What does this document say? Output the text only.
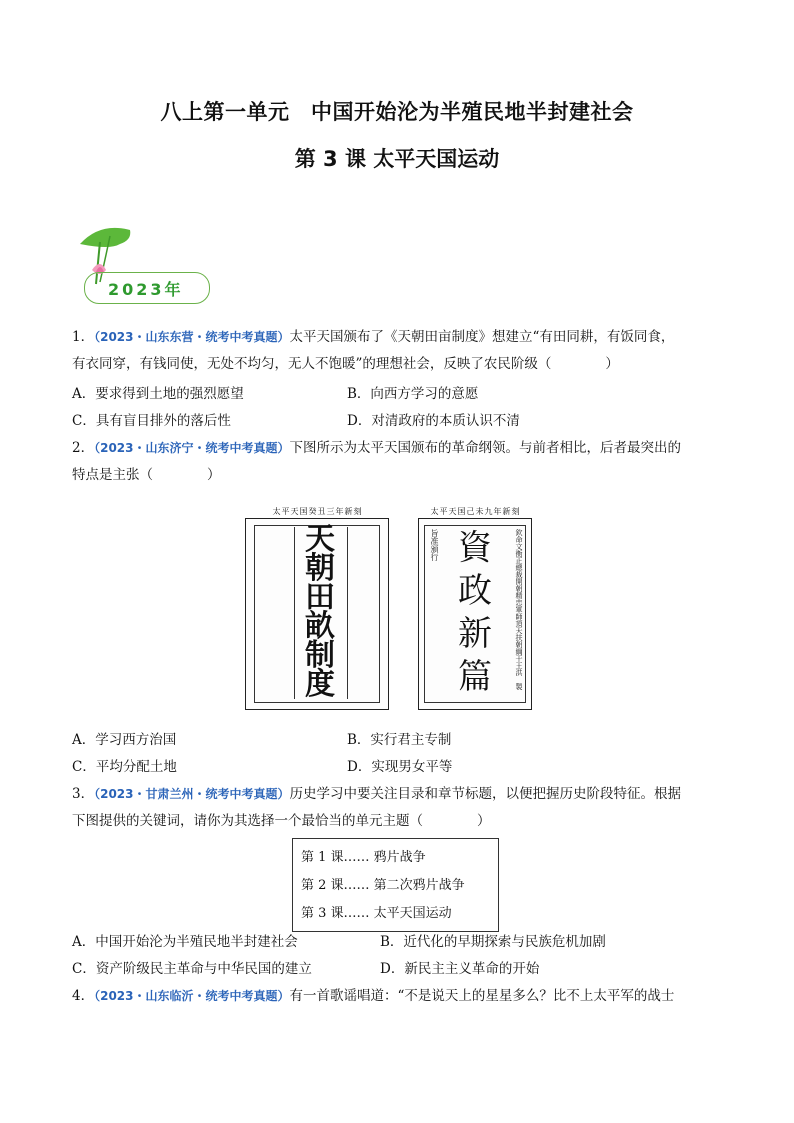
八上第一单元　中国开始沦为半殖民地半封建社会
第 3 课 太平天国运动
2023年
1．（2023・山东东营・统考中考真题）太平天国颁布了《天朝田亩制度》想建立“有田同耕，有饭同食，
有衣同穿，有钱同使，无处不均匀，无人不饱暖”的理想社会，反映了农民阶级（　　　　）
A．要求得到土地的强烈愿望	B．向西方学习的意愿
C．具有盲目排外的落后性	D．对清政府的本质认识不清
2．（2023・山东济宁・统考中考真题）下图所示为太平天国颁布的革命纲领。与前者相比，后者最突出的
特点是主张（　　　　）
太平天国癸丑三年新刻
天
朝
田
畝
制
度
太平天国己未九年新刻
旨准頒行	欽命文衡正總裁開朝精忠軍師頂天扶朝綱干王洪　製
資
政
新
篇
A．学习西方治国	B．实行君主专制
C．平均分配土地	D．实现男女平等
3．（2023・甘肃兰州・统考中考真题）历史学习中要关注目录和章节标题，以便把握历史阶段特征。根据
下图提供的关键词，请你为其选择一个最恰当的单元主题（　　　　）
第 1 课…… 鸦片战争
第 2 课…… 第二次鸦片战争
第 3 课…… 太平天国运动
A．中国开始沦为半殖民地半封建社会	B．近代化的早期探索与民族危机加剧
C．资产阶级民主革命与中华民国的建立	D．新民主主义革命的开始
4．（2023・山东临沂・统考中考真题）有一首歌谣唱道：“不是说天上的星星多么？比不上太平军的战士
